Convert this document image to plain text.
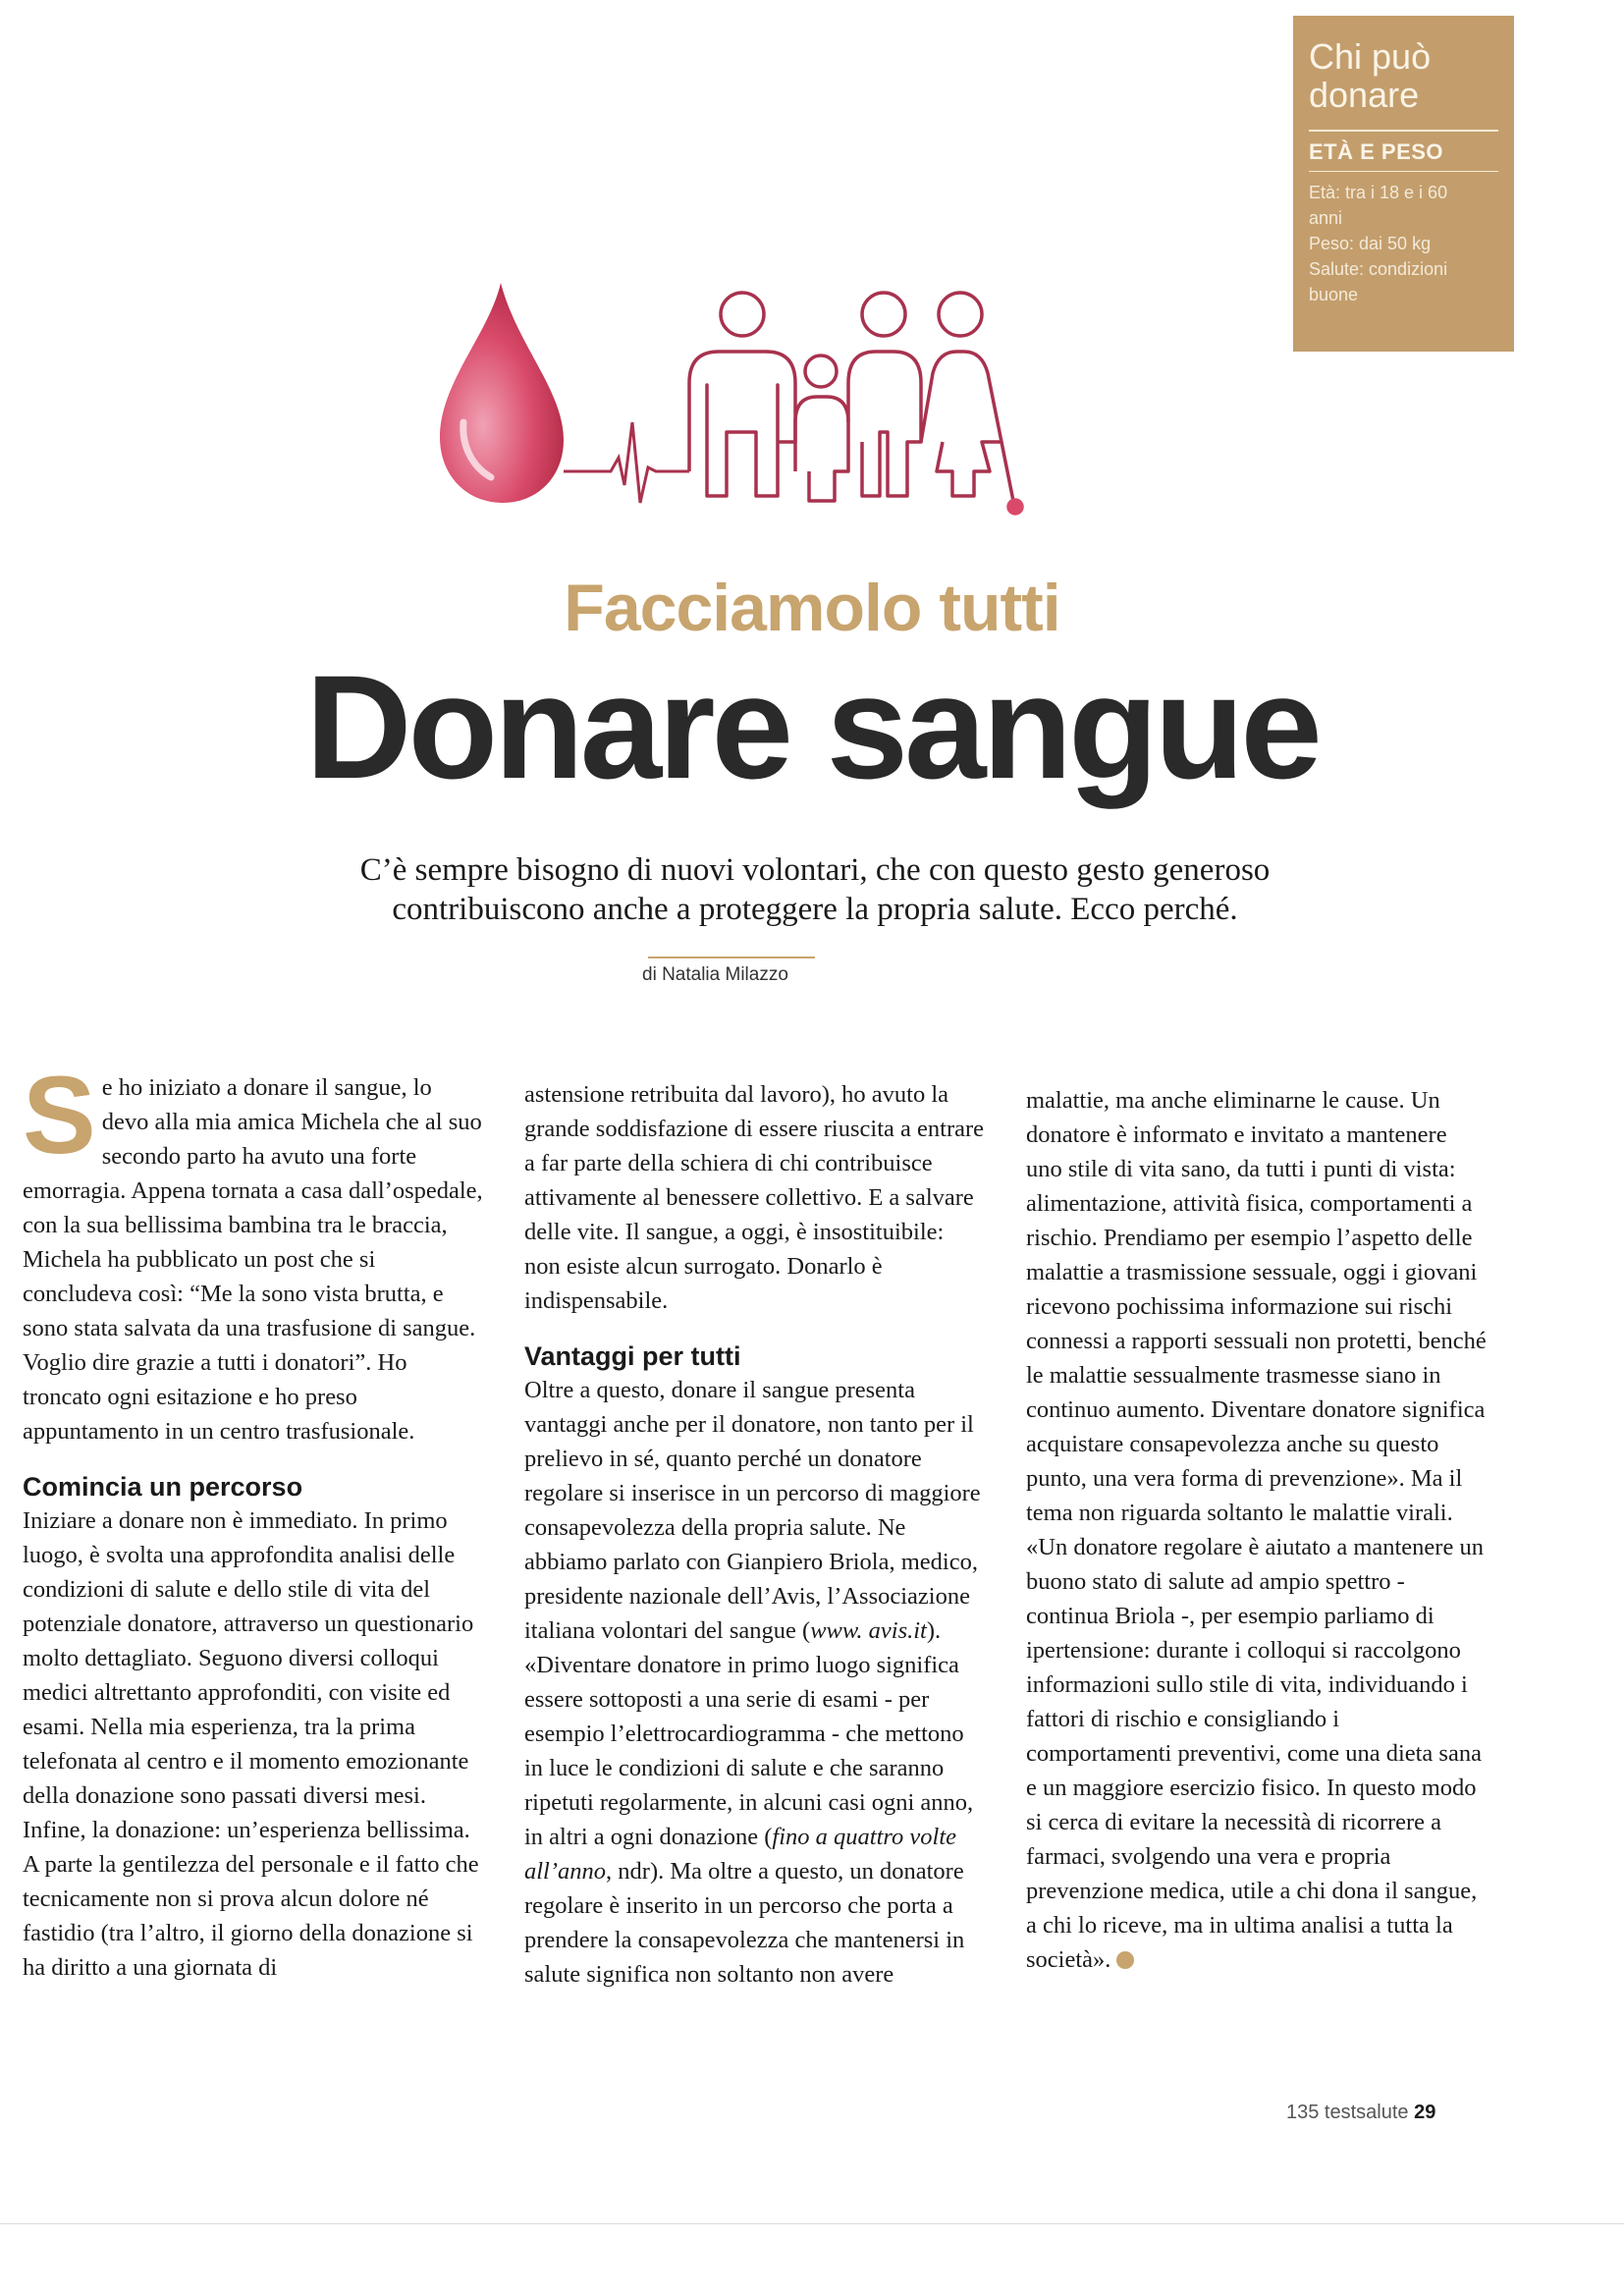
Chi può
donare
ETÀ E PESO
Età: tra i 18 e i 60
anni
Peso: dai 50 kg
Salute: condizioni
buone
Facciamolo tutti
Donare sangue
C’è sempre bisogno di nuovi volontari, che con questo gesto generoso
contribuiscono anche a proteggere la propria salute. Ecco perché.
di Natalia Milazzo

Se ho iniziato a donare il sangue, lo devo alla mia amica Michela che al suo secondo parto ha avuto una forte emorragia. Appena tornata a casa dall’ospedale, con la sua bellissima bambina tra le braccia, Michela ha pubblicato un post che si concludeva così: “Me la sono vista brutta, e sono stata salvata da una trasfusione di sangue. Voglio dire grazie a tutti i donatori”. Ho troncato ogni esitazione e ho preso appuntamento in un centro trasfusionale.

Comincia un percorso

Iniziare a donare non è immediato. In primo luogo, è svolta una approfondita analisi delle condizioni di salute e dello stile di vita del potenziale donatore, attraverso un questionario molto dettagliato. Seguono diversi colloqui medici altrettanto approfonditi, con visite ed esami. Nella mia esperienza, tra la prima telefonata al centro e il momento emozionante della donazione sono passati diversi mesi. Infine, la donazione: un’esperienza bellissima. A parte la gentilezza del personale e il fatto che tecnicamente non si prova alcun dolore né fastidio (tra l’altro, il giorno della donazione si ha diritto a una giornata di

astensione retribuita dal lavoro), ho avuto la grande soddisfazione di essere riuscita a entrare a far parte della schiera di chi contribuisce attivamente al benessere collettivo. E a salvare delle vite. Il sangue, a oggi, è insostituibile: non esiste alcun surrogato. Donarlo è indispensabile.

Vantaggi per tutti

Oltre a questo, donare il sangue presenta vantaggi anche per il donatore, non tanto per il prelievo in sé, quanto perché un donatore regolare si inserisce in un percorso di maggiore consapevolezza della propria salute. Ne abbiamo parlato con Gianpiero Briola, medico, presidente nazionale dell’Avis, l’Associazione italiana volontari del sangue (www. avis.it). «Diventare donatore in primo luogo significa essere sottoposti a una serie di esami - per esempio l’elettrocardiogramma - che mettono in luce le condizioni di salute e che saranno ripetuti regolarmente, in alcuni casi ogni anno, in altri a ogni donazione (fino a quattro volte all’anno, ndr). Ma oltre a questo, un donatore regolare è inserito in un percorso che porta a prendere la consapevolezza che mantenersi in salute significa non soltanto non avere

malattie, ma anche eliminarne le cause. Un donatore è informato e invitato a mantenere uno stile di vita sano, da tutti i punti di vista: alimentazione, attività fisica, comportamenti a rischio. Prendiamo per esempio l’aspetto delle malattie a trasmissione sessuale, oggi i giovani ricevono pochissima informazione sui rischi connessi a rapporti sessuali non protetti, benché le malattie sessualmente trasmesse siano in continuo aumento. Diventare donatore significa acquistare consapevolezza anche su questo punto, una vera forma di prevenzione». Ma il tema non riguarda soltanto le malattie virali. «Un donatore regolare è aiutato a mantenere un buono stato di salute ad ampio spettro - continua Briola -, per esempio parliamo di ipertensione: durante i colloqui si raccolgono informazioni sullo stile di vita, individuando i fattori di rischio e consigliando i comportamenti preventivi, come una dieta sana e un maggiore esercizio fisico. In questo modo si cerca di evitare la necessità di ricorrere a farmaci, svolgendo una vera e propria prevenzione medica, utile a chi dona il sangue, a chi lo riceve, ma in ultima analisi a tutta la società».

135 testsalute 29
